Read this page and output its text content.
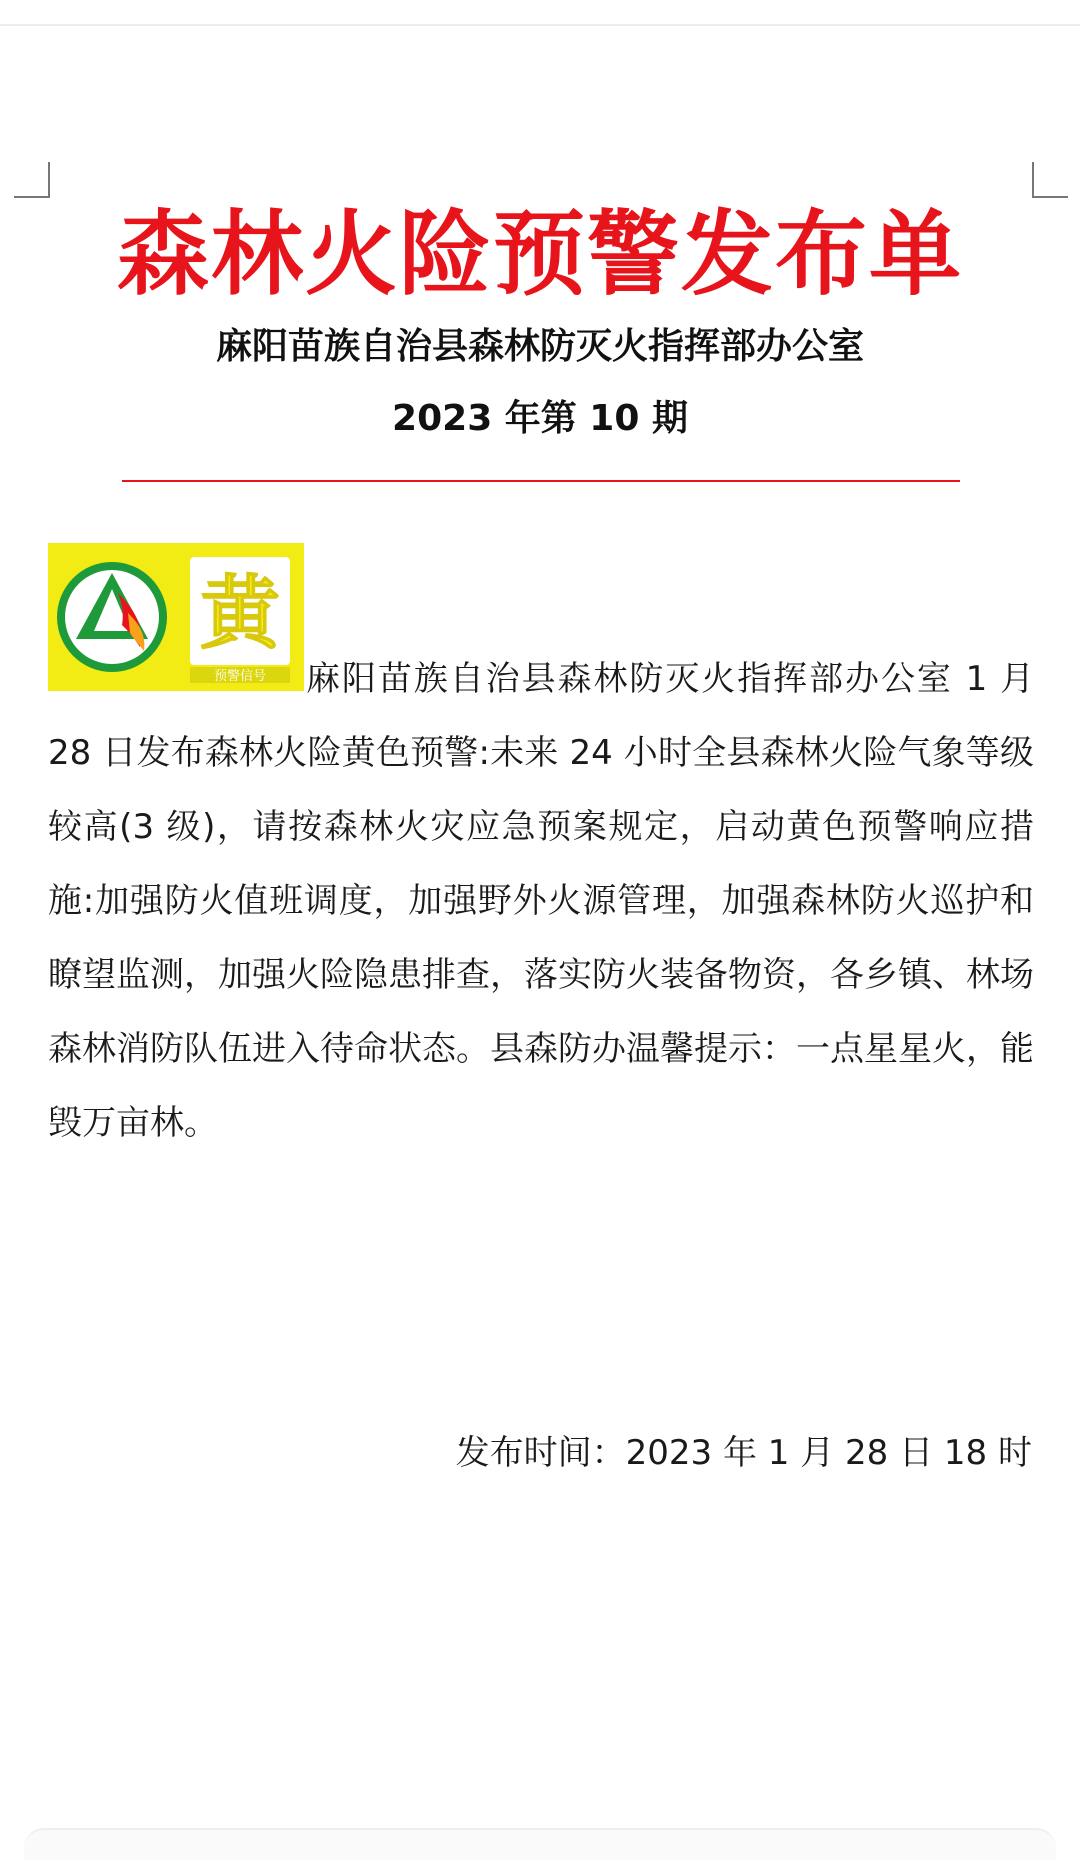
森林火险预警发布单
麻阳苗族自治县森林防灭火指挥部办公室
2023 年第 10 期
黄
预警信号	麻阳苗族自治县森林防灭火指挥部办公室 1 月 28 日发布森林火险黄色预警:未来 24 小时全县森林火险气象等级较高(3 级)，请按森林火灾应急预案规定，启动黄色预警响应措施:加强防火值班调度，加强野外火源管理，加强森林防火巡护和瞭望监测，加强火险隐患排查，落实防火装备物资，各乡镇、林场森林消防队伍进入待命状态。县森防办温馨提示：一点星星火，能毁万亩林。
发布时间：2023 年 1 月 28 日 18 时
